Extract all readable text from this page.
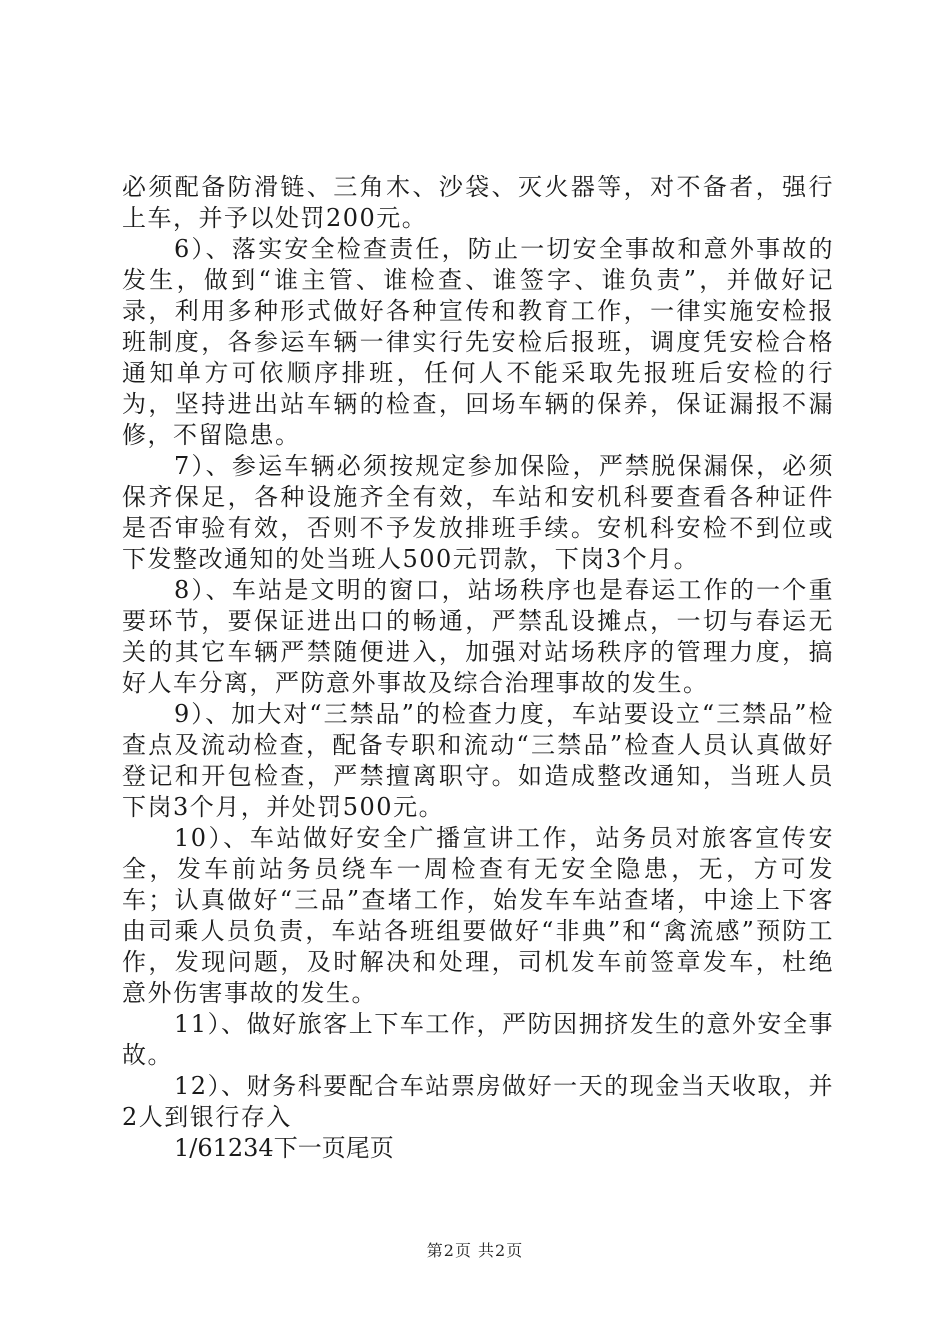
必须配备防滑链、三角木、沙袋、灭火器等，对不备者，强行上车，并予以处罚200元。

6）、落实安全检查责任，防止一切安全事故和意外事故的发生，做到“谁主管、谁检查、谁签字、谁负责”，并做好记录，利用多种形式做好各种宣传和教育工作，一律实施安检报班制度，各参运车辆一律实行先安检后报班，调度凭安检合格通知单方可依顺序排班，任何人不能采取先报班后安检的行为，坚持进出站车辆的检查，回场车辆的保养，保证漏报不漏修，不留隐患。

7）、参运车辆必须按规定参加保险，严禁脱保漏保，必须保齐保足，各种设施齐全有效，车站和安机科要查看各种证件是否审验有效，否则不予发放排班手续。安机科安检不到位或下发整改通知的处当班人500元罚款，下岗3个月。

8）、车站是文明的窗口，站场秩序也是春运工作的一个重要环节，要保证进出口的畅通，严禁乱设摊点，一切与春运无关的其它车辆严禁随便进入，加强对站场秩序的管理力度，搞好人车分离，严防意外事故及综合治理事故的发生。

9）、加大对“三禁品”的检查力度，车站要设立“三禁品”检查点及流动检查，配备专职和流动“三禁品”检查人员认真做好登记和开包检查，严禁擅离职守。如造成整改通知，当班人员下岗3个月，并处罚500元。

10）、车站做好安全广播宣讲工作，站务员对旅客宣传安全，发车前站务员绕车一周检查有无安全隐患，无，方可发车；认真做好“三品”查堵工作，始发车车站查堵，中途上下客由司乘人员负责，车站各班组要做好“非典”和“禽流感”预防工作，发现问题，及时解决和处理，司机发车前签章发车，杜绝意外伤害事故的发生。

11）、做好旅客上下车工作，严防因拥挤发生的意外安全事故。

12）、财务科要配合车站票房做好一天的现金当天收取，并2人到银行存入

1/61234下一页尾页

第2页 共2页
